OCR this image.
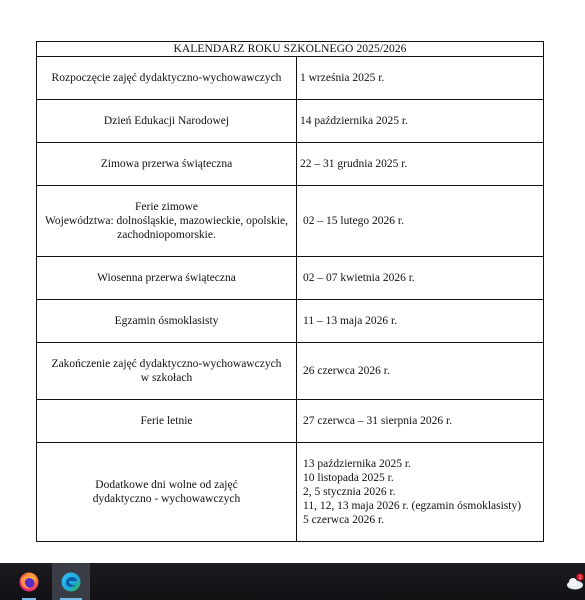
KALENDARZ ROKU SZKOLNEGO 2025/2026	
Rozpoczęcie zajęć dydaktyczno-wychowawczych	1 września 2025 r.
Dzień Edukacji Narodowej	14 października 2025 r.
Zimowa przerwa świąteczna	22 – 31 grudnia 2025 r.
Ferie zimowe
Województwa: dolnośląskie, mazowieckie, opolskie,
zachodniopomorskie.	02 – 15 lutego 2026 r.
Wiosenna przerwa świąteczna	02 – 07 kwietnia 2026 r.
Egzamin ósmoklasisty	11 – 13 maja 2026 r.
Zakończenie zajęć dydaktyczno-wychowawczych
w szkołach	26 czerwca 2026 r.
Ferie letnie	27 czerwca – 31 sierpnia 2026 r.
Dodatkowe dni wolne od zajęć
dydaktyczno - wychowawczych	13 października 2025 r.
10 listopada 2025 r.
2, 5 stycznia 2026 r.
11, 12, 13 maja 2026 r. (egzamin ósmoklasisty)
5 czerwca 2026 r.
1
